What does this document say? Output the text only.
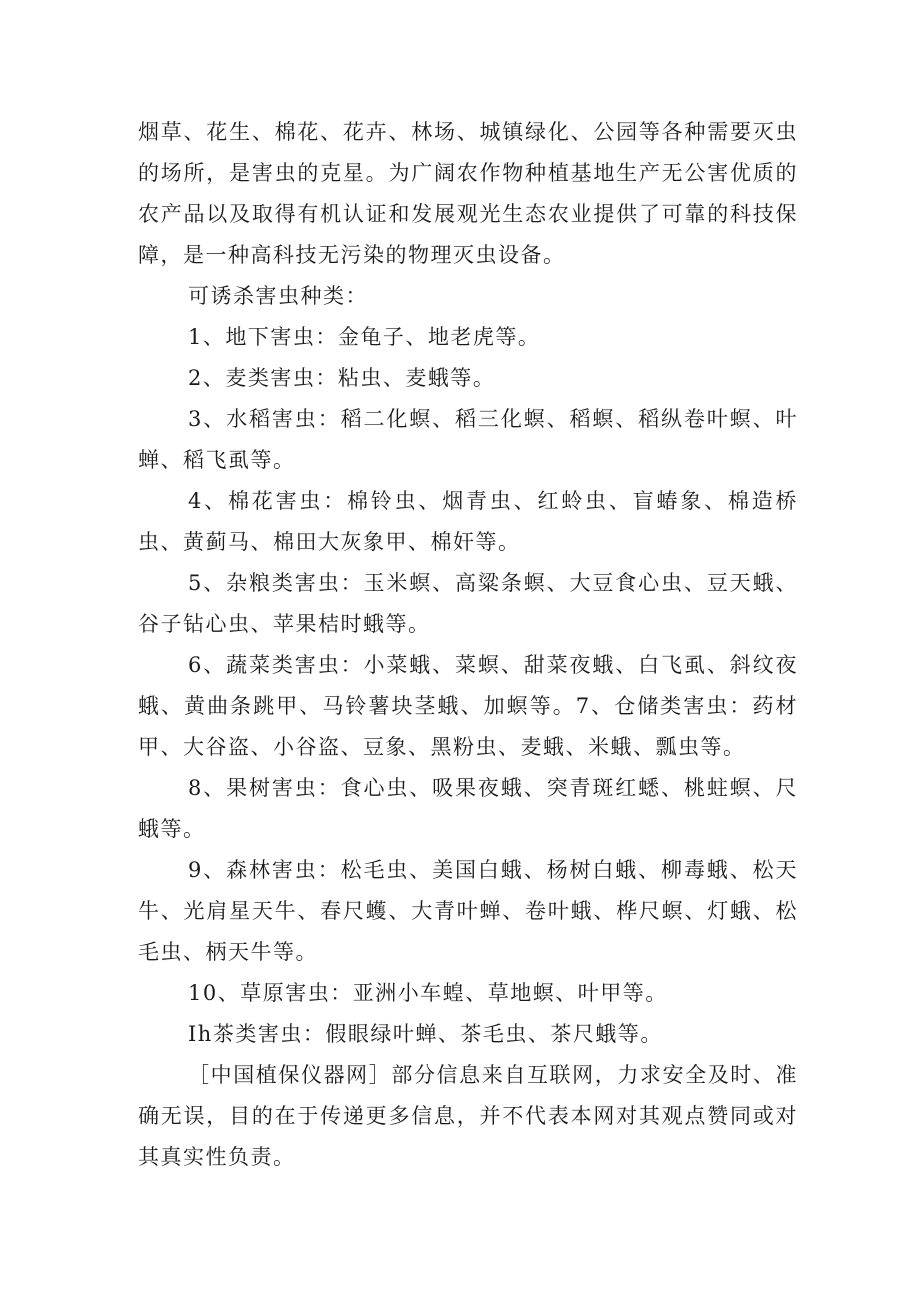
烟草、花生、棉花、花卉、林场、城镇绿化、公园等各种需要灭虫的场所，是害虫的克星。为广阔农作物种植基地生产无公害优质的农产品以及取得有机认证和发展观光生态农业提供了可靠的科技保障，是一种高科技无污染的物理灭虫设备。

可诱杀害虫种类：

1、地下害虫：金龟子、地老虎等。

2、麦类害虫：粘虫、麦蛾等。

3、水稻害虫：稻二化螟、稻三化螟、稻螟、稻纵卷叶螟、叶蝉、稻飞虱等。

4、棉花害虫：棉铃虫、烟青虫、红蛉虫、盲蝽象、棉造桥虫、黄蓟马、棉田大灰象甲、棉奸等。

5、杂粮类害虫：玉米螟、高粱条螟、大豆食心虫、豆天蛾、谷子钻心虫、苹果桔时蛾等。

6、蔬菜类害虫：小菜蛾、菜螟、甜菜夜蛾、白飞虱、斜纹夜蛾、黄曲条跳甲、马铃薯块茎蛾、加螟等。7、仓储类害虫：药材甲、大谷盗、小谷盗、豆象、黑粉虫、麦蛾、米蛾、瓢虫等。

8、果树害虫：食心虫、吸果夜蛾、突青斑红蟋、桃蛀螟、尺蛾等。

9、森林害虫：松毛虫、美国白蛾、杨树白蛾、柳毒蛾、松天牛、光肩星天牛、春尺蠖、大青叶蝉、卷叶蛾、桦尺螟、灯蛾、松毛虫、柄天牛等。

10、草原害虫：亚洲小车蝗、草地螟、叶甲等。

Ih茶类害虫：假眼绿叶蝉、茶毛虫、茶尺蛾等。

［中国植保仪器网］部分信息来自互联网，力求安全及时、准确无误，目的在于传递更多信息，并不代表本网对其观点赞同或对其真实性负责。
